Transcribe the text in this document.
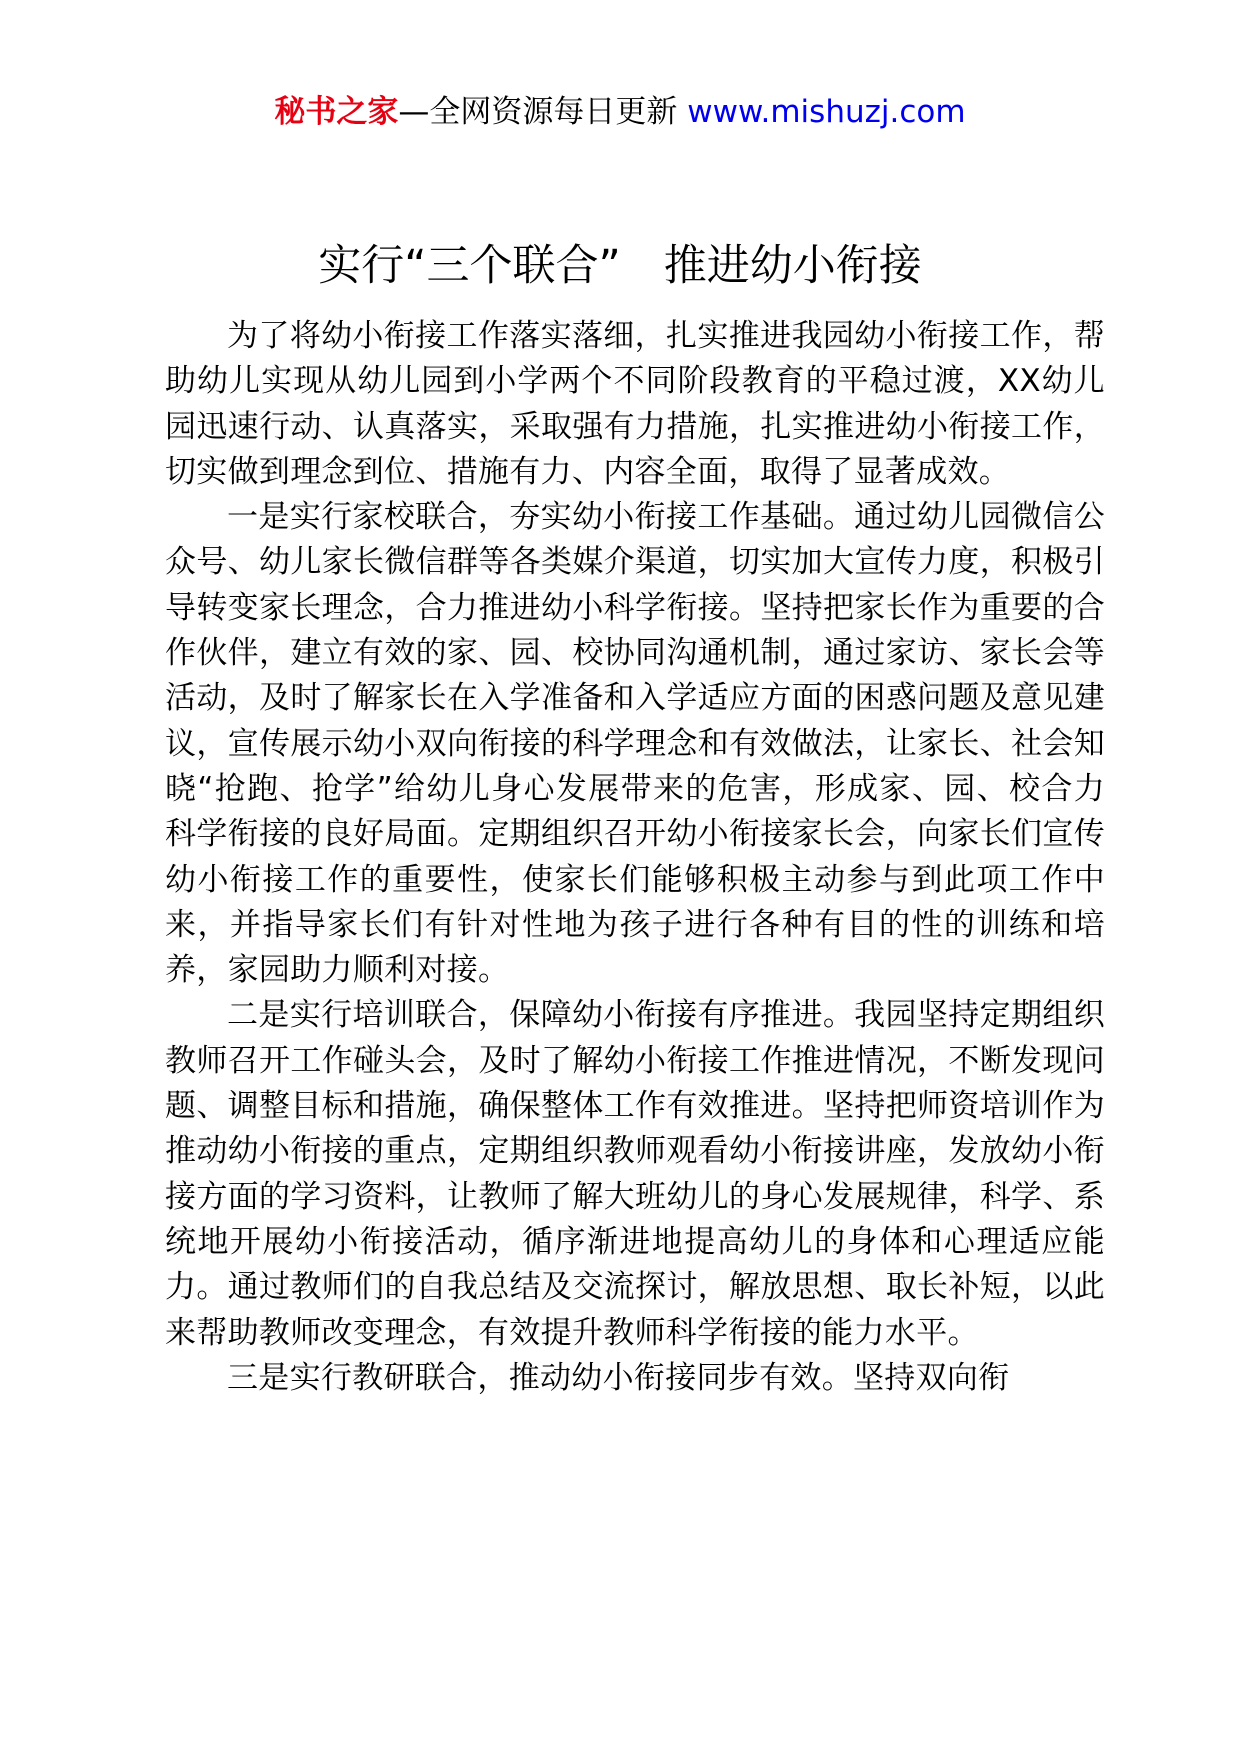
秘书之家—全网资源每日更新 www.mishuzj.com
实行“三个联合”　推进幼小衔接

为了将幼小衔接工作落实落细，扎实推进我园幼小衔接工作，帮助幼儿实现从幼儿园到小学两个不同阶段教育的平稳过渡，XX幼儿园迅速行动、认真落实，采取强有力措施，扎实推进幼小衔接工作，切实做到理念到位、措施有力、内容全面，取得了显著成效。

一是实行家校联合，夯实幼小衔接工作基础。通过幼儿园微信公众号、幼儿家长微信群等各类媒介渠道，切实加大宣传力度，积极引导转变家长理念，合力推进幼小科学衔接。坚持把家长作为重要的合作伙伴，建立有效的家、园、校协同沟通机制，通过家访、家长会等活动，及时了解家长在入学准备和入学适应方面的困惑问题及意见建议，宣传展示幼小双向衔接的科学理念和有效做法，让家长、社会知晓“抢跑、抢学”给幼儿身心发展带来的危害，形成家、园、校合力科学衔接的良好局面。定期组织召开幼小衔接家长会，向家长们宣传幼小衔接工作的重要性，使家长们能够积极主动参与到此项工作中来，并指导家长们有针对性地为孩子进行各种有目的性的训练和培养，家园助力顺利对接。

二是实行培训联合，保障幼小衔接有序推进。我园坚持定期组织教师召开工作碰头会，及时了解幼小衔接工作推进情况，不断发现问题、调整目标和措施，确保整体工作有效推进。坚持把师资培训作为推动幼小衔接的重点，定期组织教师观看幼小衔接讲座，发放幼小衔接方面的学习资料，让教师了解大班幼儿的身心发展规律，科学、系统地开展幼小衔接活动，循序渐进地提高幼儿的身体和心理适应能力。通过教师们的自我总结及交流探讨，解放思想、取长补短，以此来帮助教师改变理念，有效提升教师科学衔接的能力水平。

三是实行教研联合，推动幼小衔接同步有效。坚持双向衔
